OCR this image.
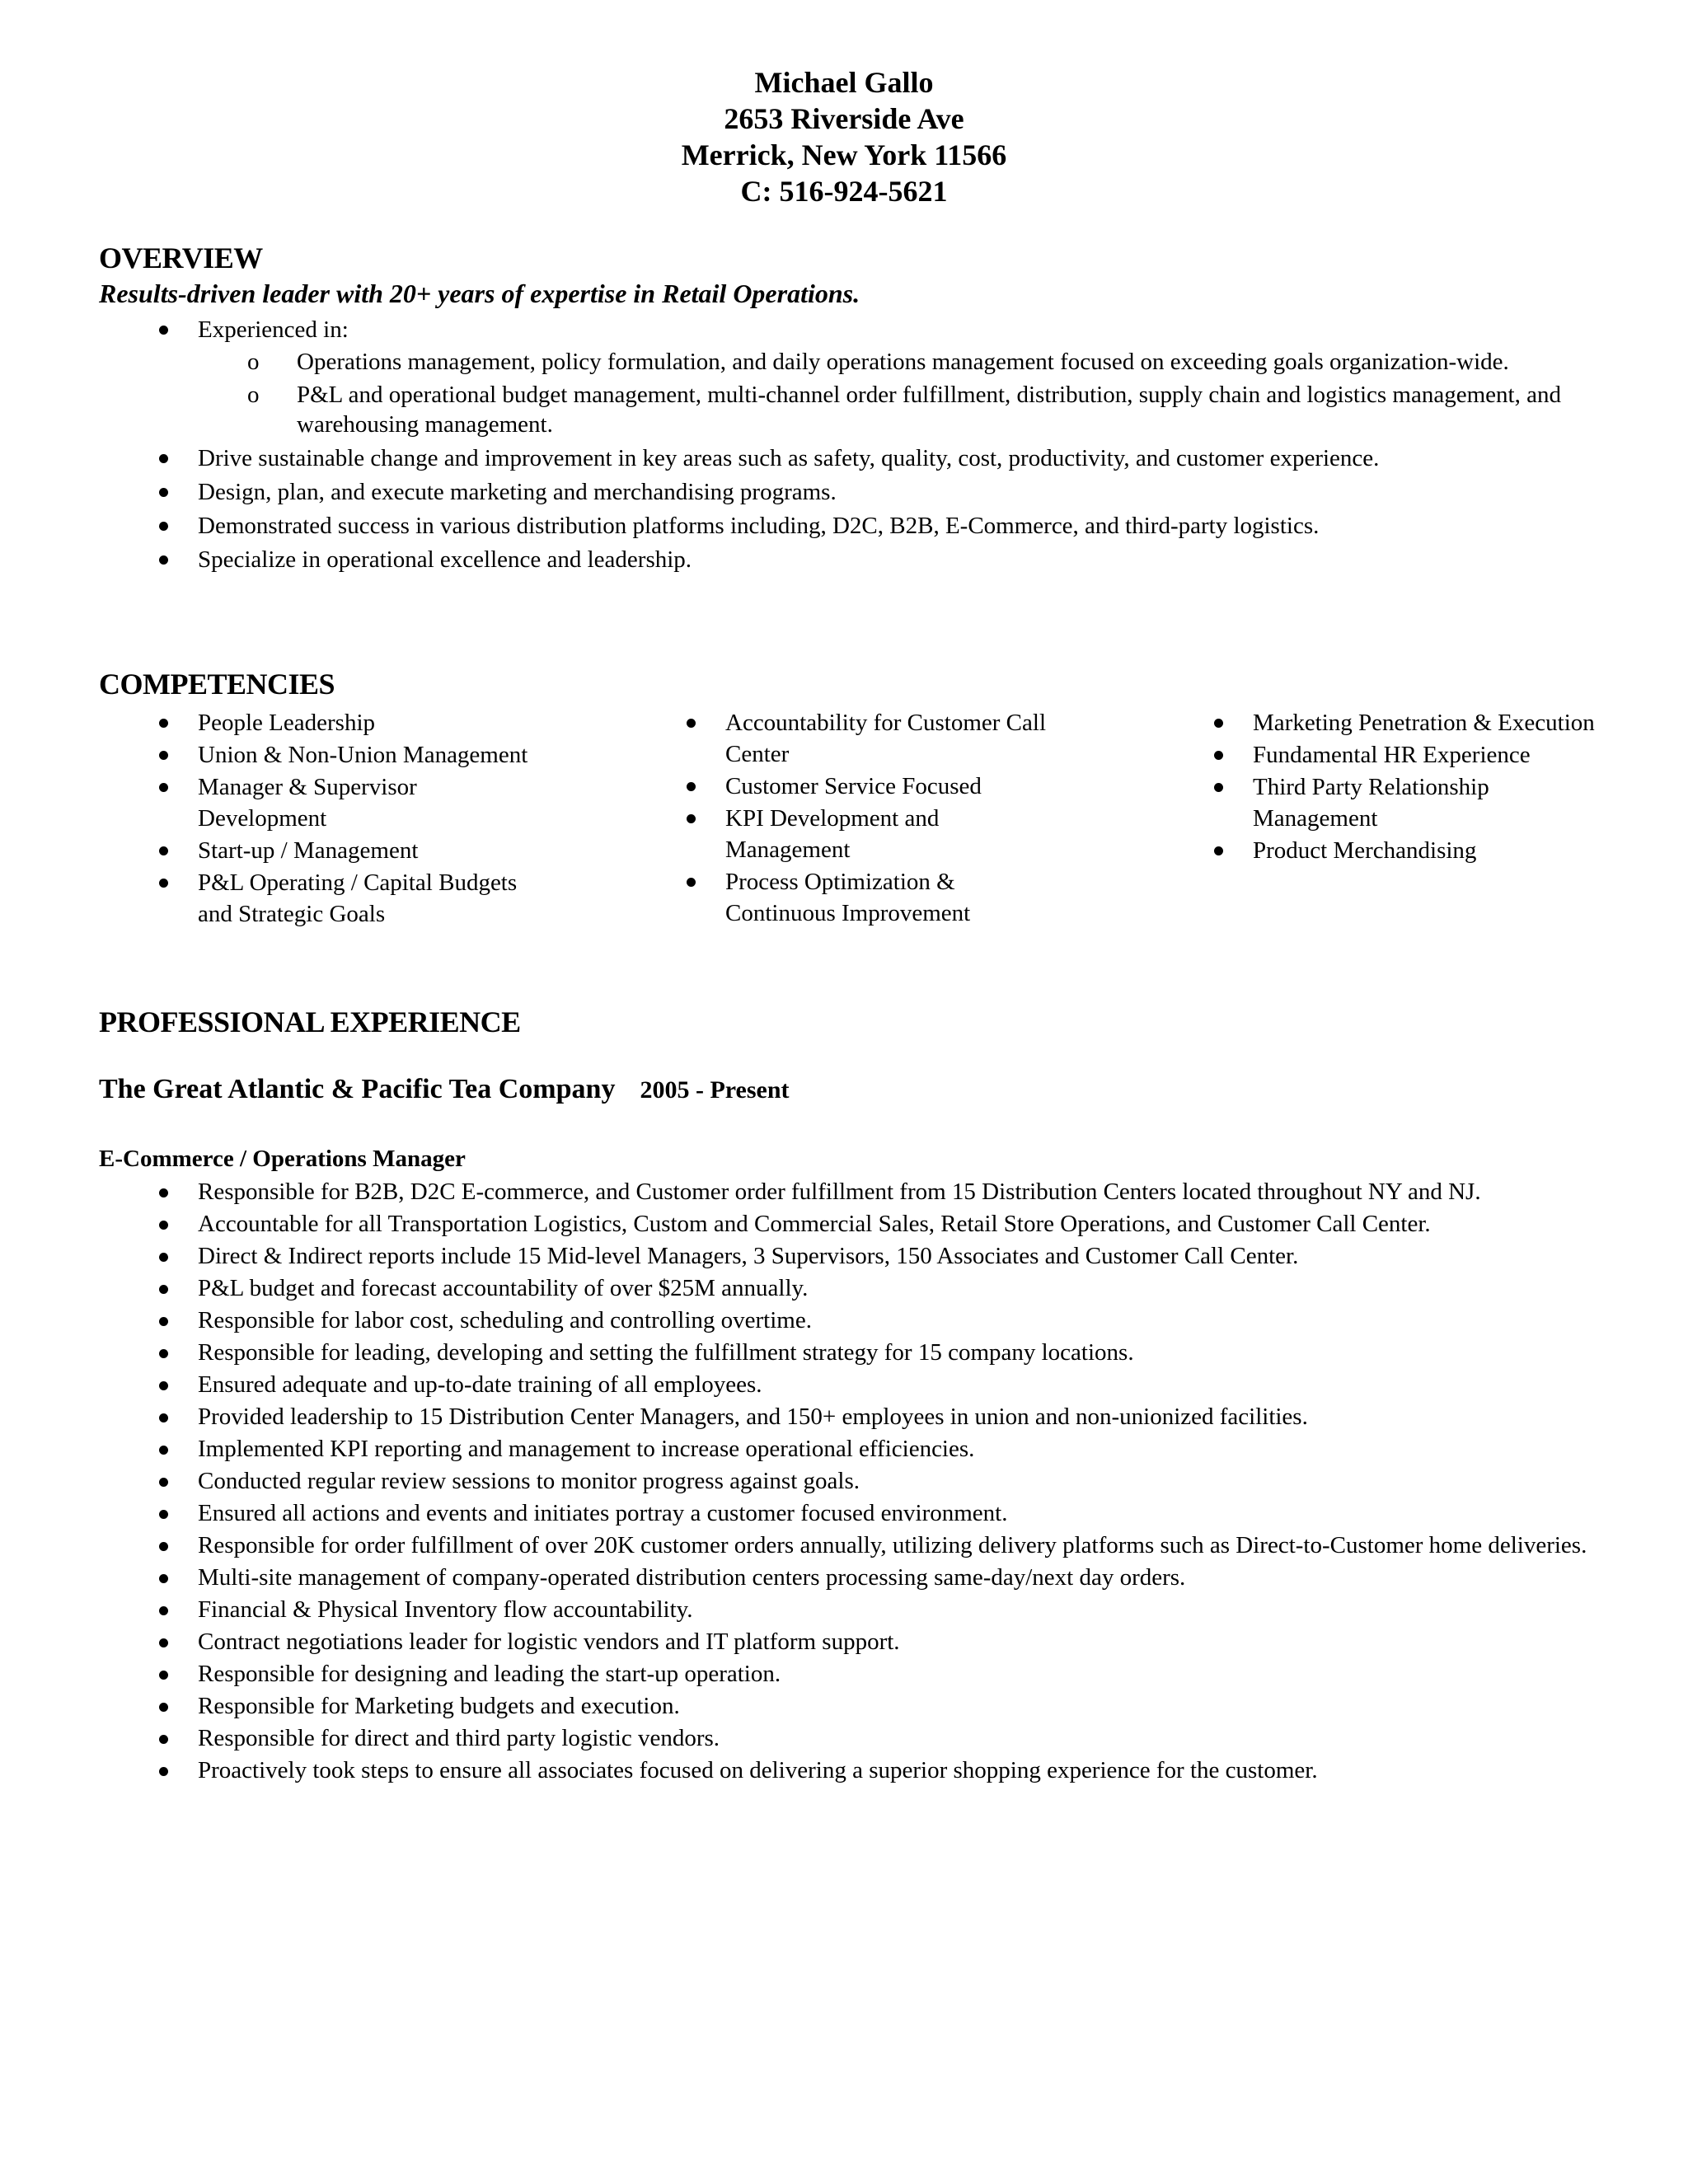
Michael Gallo
2653 Riverside Ave
Merrick, New York 11566
C: 516-924-5621
OVERVIEW
Results-driven leader with 20+ years of expertise in Retail Operations.
Experienced in:
o Operations management, policy formulation, and daily operations management focused on exceeding goals organization-wide.
o P&L and operational budget management, multi-channel order fulfillment, distribution, supply chain and logistics management, and warehousing management.
Drive sustainable change and improvement in key areas such as safety, quality, cost, productivity, and customer experience.
Design, plan, and execute marketing and merchandising programs.
Demonstrated success in various distribution platforms including, D2C, B2B, E-Commerce, and third-party logistics.
Specialize in operational excellence and leadership.
COMPETENCIES
People Leadership
Union & Non-Union Management
Manager & Supervisor Development
Start-up / Management
P&L Operating / Capital Budgets and Strategic Goals
Accountability for Customer Call Center
Customer Service Focused
KPI Development and Management
Process Optimization & Continuous Improvement
Marketing Penetration & Execution
Fundamental HR Experience
Third Party Relationship Management
Product Merchandising
PROFESSIONAL EXPERIENCE
The Great Atlantic & Pacific Tea Company 2005 - Present
E-Commerce / Operations Manager
Responsible for B2B, D2C E-commerce, and Customer order fulfillment from 15 Distribution Centers located throughout NY and NJ.
Accountable for all Transportation Logistics, Custom and Commercial Sales, Retail Store Operations, and Customer Call Center.
Direct & Indirect reports include 15 Mid-level Managers, 3 Supervisors, 150 Associates and Customer Call Center.
P&L budget and forecast accountability of over $25M annually.
Responsible for labor cost, scheduling and controlling overtime.
Responsible for leading, developing and setting the fulfillment strategy for 15 company locations.
Ensured adequate and up-to-date training of all employees.
Provided leadership to 15 Distribution Center Managers, and 150+ employees in union and non-unionized facilities.
Implemented KPI reporting and management to increase operational efficiencies.
Conducted regular review sessions to monitor progress against goals.
Ensured all actions and events and initiates portray a customer focused environment.
Responsible for order fulfillment of over 20K customer orders annually, utilizing delivery platforms such as Direct-to-Customer home deliveries.
Multi-site management of company-operated distribution centers processing same-day/next day orders.
Financial & Physical Inventory flow accountability.
Contract negotiations leader for logistic vendors and IT platform support.
Responsible for designing and leading the start-up operation.
Responsible for Marketing budgets and execution.
Responsible for direct and third party logistic vendors.
Proactively took steps to ensure all associates focused on delivering a superior shopping experience for the customer.
